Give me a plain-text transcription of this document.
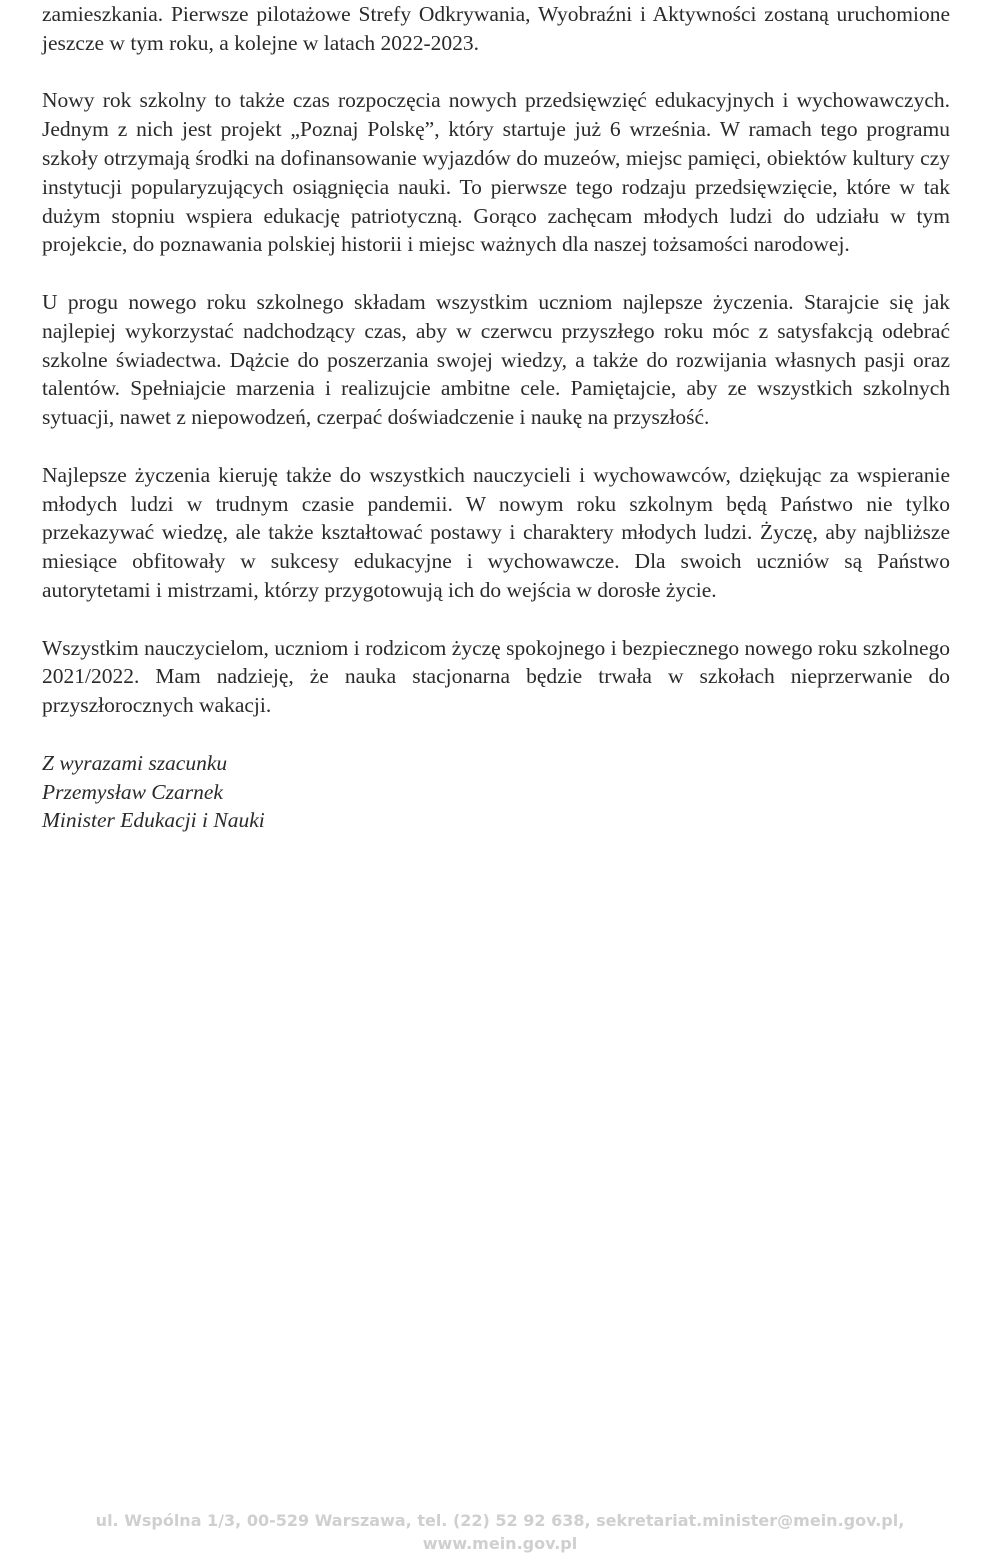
zamieszkania. Pierwsze pilotażowe Strefy Odkrywania, Wyobraźni i Aktywności zostaną uruchomione jeszcze w tym roku, a kolejne w latach 2022-2023.

Nowy rok szkolny to także czas rozpoczęcia nowych przedsięwzięć edukacyjnych i wychowawczych. Jednym z nich jest projekt „Poznaj Polskę”, który startuje już 6 września. W ramach tego programu szkoły otrzymają środki na dofinansowanie wyjazdów do muzeów, miejsc pamięci, obiektów kultury czy instytucji popularyzujących osiągnięcia nauki. To pierwsze tego rodzaju przedsięwzięcie, które w tak dużym stopniu wspiera edukację patriotyczną. Gorąco zachęcam młodych ludzi do udziału w tym projekcie, do poznawania polskiej historii i miejsc ważnych dla naszej tożsamości narodowej.

U progu nowego roku szkolnego składam wszystkim uczniom najlepsze życzenia. Starajcie się jak najlepiej wykorzystać nadchodzący czas, aby w czerwcu przyszłego roku móc z satysfakcją odebrać szkolne świadectwa. Dążcie do poszerzania swojej wiedzy, a także do rozwijania własnych pasji oraz talentów. Spełniajcie marzenia i realizujcie ambitne cele. Pamiętajcie, aby ze wszystkich szkolnych sytuacji, nawet z niepowodzeń, czerpać doświadczenie i naukę na przyszłość.

Najlepsze życzenia kieruję także do wszystkich nauczycieli i wychowawców, dziękując za wspieranie młodych ludzi w trudnym czasie pandemii. W nowym roku szkolnym będą Państwo nie tylko przekazywać wiedzę, ale także kształtować postawy i charaktery młodych ludzi. Życzę, aby najbliższe miesiące obfitowały w sukcesy edukacyjne i wychowawcze. Dla swoich uczniów są Państwo autorytetami i mistrzami, którzy przygotowują ich do wejścia w dorosłe życie.

Wszystkim nauczycielom, uczniom i rodzicom życzę spokojnego i bezpiecznego nowego roku szkolnego 2021/2022. Mam nadzieję, że nauka stacjonarna będzie trwała w szkołach nieprzerwanie do przyszłorocznych wakacji.

Z wyrazami szacunku
Przemysław Czarnek
Minister Edukacji i Nauki
ul. Wspólna 1/3, 00-529 Warszawa, tel. (22) 52 92 638, sekretariat.minister@mein.gov.pl,
www.mein.gov.pl
